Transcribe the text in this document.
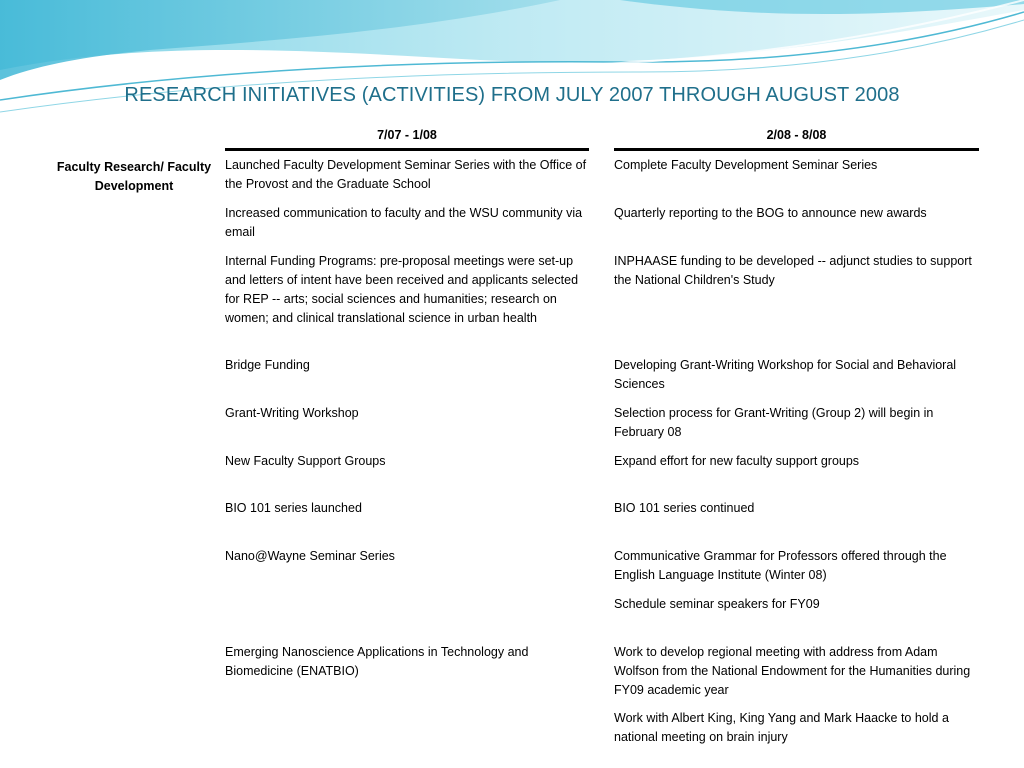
RESEARCH INITIATIVES (ACTIVITIES) FROM JULY 2007 THROUGH AUGUST 2008
7/07 - 1/08	2/08 - 8/08
Faculty Research/ Faculty Development
Launched Faculty Development Seminar Series with the Office of the Provost and the Graduate School
Increased communication to faculty and the WSU community via email
Internal Funding Programs: pre-proposal meetings were set-up and letters of intent have been received and applicants selected for REP -- arts; social sciences and humanities; research on women; and clinical translational science in urban health
Bridge Funding
Grant-Writing Workshop
New Faculty Support Groups
BIO 101 series launched
Nano@Wayne Seminar Series
Emerging Nanoscience Applications in Technology and Biomedicine (ENATBIO)
Complete Faculty Development Seminar Series
Quarterly reporting to the BOG to announce new awards
INPHAASE funding to be developed -- adjunct studies to support the National Children's Study
Developing Grant-Writing Workshop for Social and Behavioral Sciences
Selection process for Grant-Writing (Group 2) will begin in February 08
Expand effort for new faculty support groups
BIO 101 series continued
Communicative Grammar for Professors offered through the English Language Institute (Winter 08)
Schedule seminar speakers for FY09
Work to develop regional meeting with address from Adam Wolfson from the National Endowment for the Humanities during FY09 academic year
Work with Albert King, King Yang and Mark Haacke to hold a national meeting on brain injury
